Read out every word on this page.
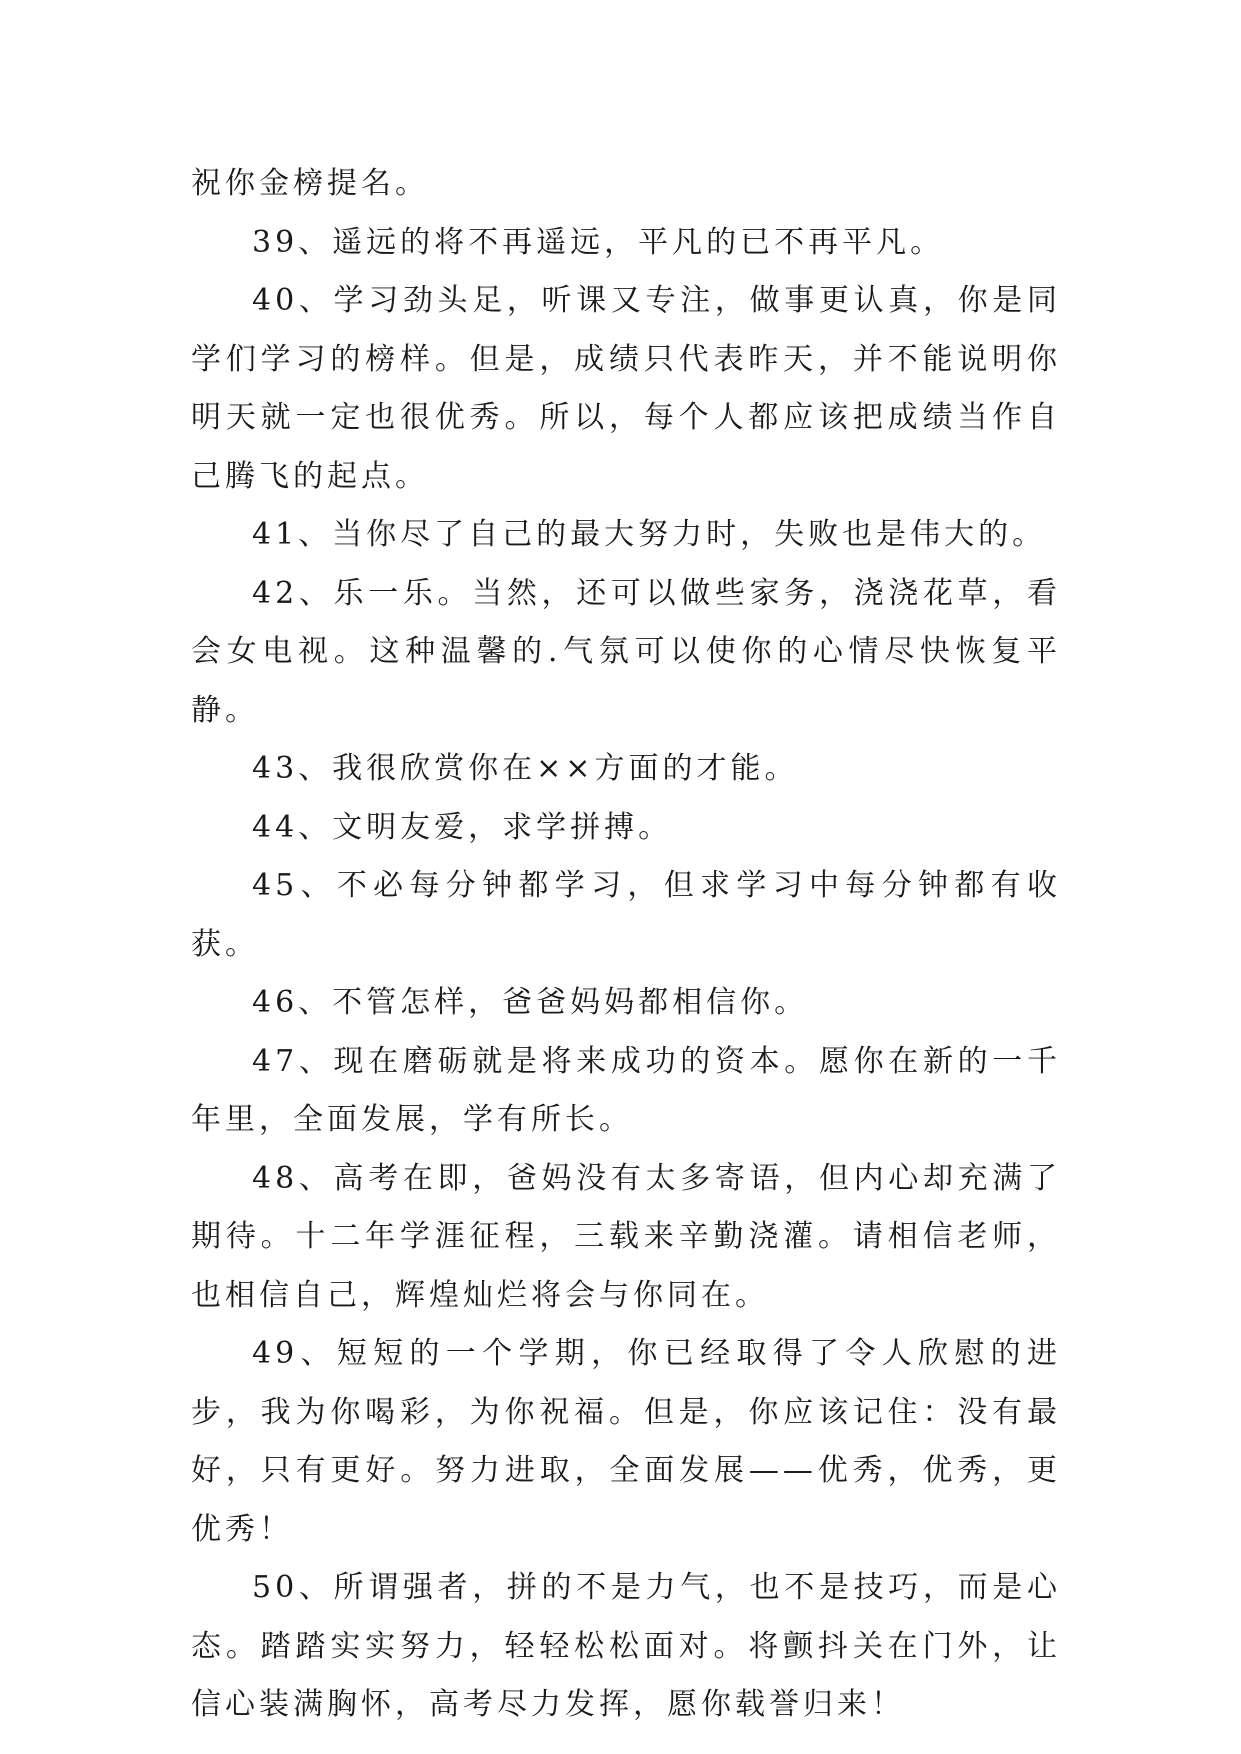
祝你金榜提名。

39、遥远的将不再遥远，平凡的已不再平凡。

40、学习劲头足，听课又专注，做事更认真，你是同学们学习的榜样。但是，成绩只代表昨天，并不能说明你明天就一定也很优秀。所以，每个人都应该把成绩当作自己腾飞的起点。

41、当你尽了自己的最大努力时，失败也是伟大的。

42、乐一乐。当然，还可以做些家务，浇浇花草，看会女电视。这种温馨的.气氛可以使你的心情尽快恢复平静。

43、我很欣赏你在××方面的才能。

44、文明友爱，求学拼搏。

45、不必每分钟都学习，但求学习中每分钟都有收获。

46、不管怎样，爸爸妈妈都相信你。

47、现在磨砺就是将来成功的资本。愿你在新的一千年里，全面发展，学有所长。

48、高考在即，爸妈没有太多寄语，但内心却充满了期待。十二年学涯征程，三载来辛勤浇灌。请相信老师，也相信自己，辉煌灿烂将会与你同在。

49、短短的一个学期，你已经取得了令人欣慰的进步，我为你喝彩，为你祝福。但是，你应该记住：没有最好，只有更好。努力进取，全面发展——优秀，优秀，更优秀！

50、所谓强者，拼的不是力气，也不是技巧，而是心态。踏踏实实努力，轻轻松松面对。将颤抖关在门外，让信心装满胸怀，高考尽力发挥，愿你载誉归来！
